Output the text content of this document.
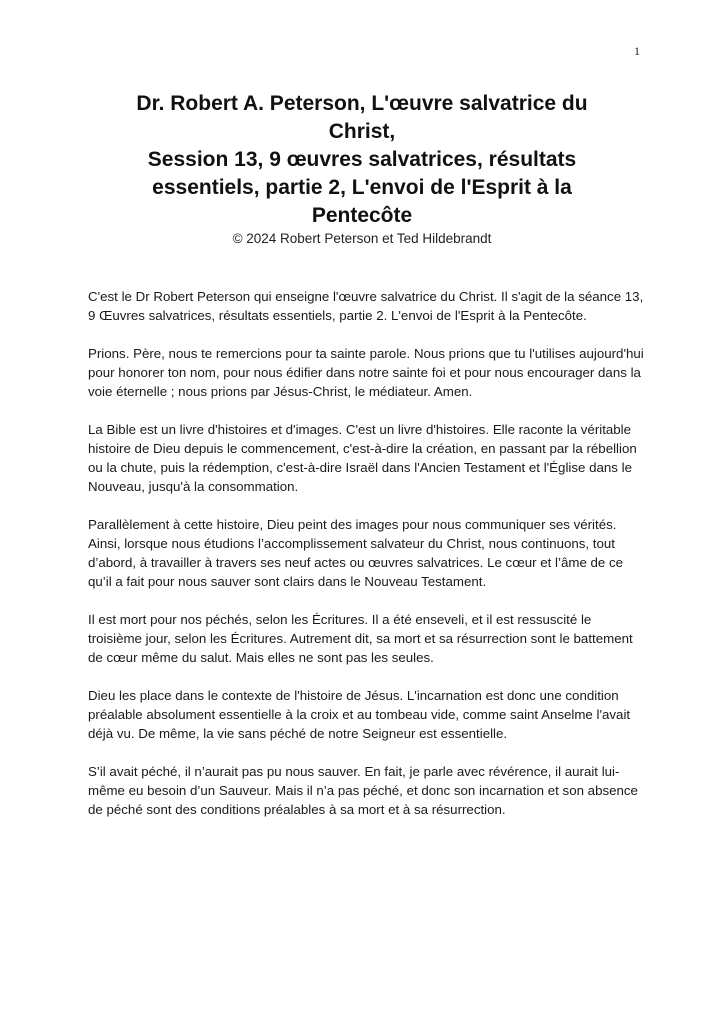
1

Dr. Robert A. Peterson, L'œuvre salvatrice du

Christ,

Session 13, 9 œuvres salvatrices, résultats

essentiels, partie 2, L'envoi de l'Esprit à la

Pentecôte

© 2024 Robert Peterson et Ted Hildebrandt

C'est le Dr Robert Peterson qui enseigne l'œuvre salvatrice du Christ. Il s'agit de la séance 13, 9 Œuvres salvatrices, résultats essentiels, partie 2. L'envoi de l'Esprit à la Pentecôte.

Prions. Père, nous te remercions pour ta sainte parole. Nous prions que tu l'utilises aujourd'hui pour honorer ton nom, pour nous édifier dans notre sainte foi et pour nous encourager dans la voie éternelle ; nous prions par Jésus-Christ, le médiateur. Amen.

La Bible est un livre d'histoires et d'images. C'est un livre d'histoires. Elle raconte la véritable histoire de Dieu depuis le commencement, c'est-à-dire la création, en passant par la rébellion ou la chute, puis la rédemption, c'est-à-dire Israël dans l'Ancien Testament et l'Église dans le Nouveau, jusqu'à la consommation.

Parallèlement à cette histoire, Dieu peint des images pour nous communiquer ses vérités. Ainsi, lorsque nous étudions l’accomplissement salvateur du Christ, nous continuons, tout d’abord, à travailler à travers ses neuf actes ou œuvres salvatrices. Le cœur et l’âme de ce qu’il a fait pour nous sauver sont clairs dans le Nouveau Testament.

Il est mort pour nos péchés, selon les Écritures. Il a été enseveli, et il est ressuscité le troisième jour, selon les Écritures. Autrement dit, sa mort et sa résurrection sont le battement de cœur même du salut. Mais elles ne sont pas les seules.

Dieu les place dans le contexte de l'histoire de Jésus. L'incarnation est donc une condition préalable absolument essentielle à la croix et au tombeau vide, comme saint Anselme l'avait déjà vu. De même, la vie sans péché de notre Seigneur est essentielle.

S’il avait péché, il n’aurait pas pu nous sauver. En fait, je parle avec révérence, il aurait lui-même eu besoin d’un Sauveur. Mais il n’a pas péché, et donc son incarnation et son absence de péché sont des conditions préalables à sa mort et à sa résurrection.
